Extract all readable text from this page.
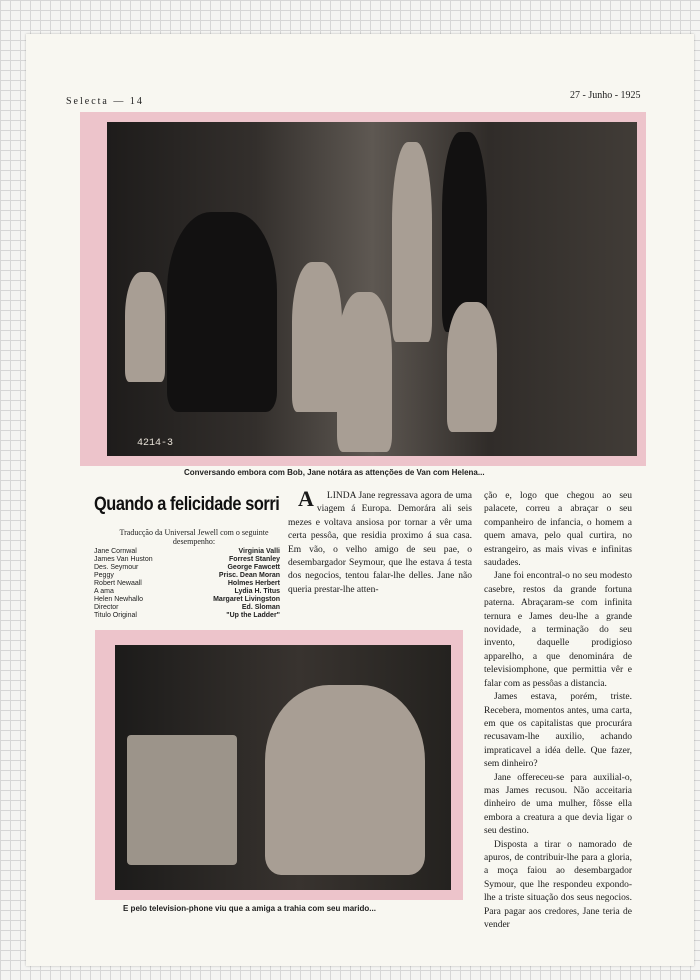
Selecta — 14
27 - Junho - 1925
4214-3
Conversando embora com Bob, Jane notára as attenções de Van com Helena...
Quando a felicidade sorri
Traducção da Universal Jewell com o seguinte desempenho:
Jane Cornwal	Virginia Valli
James Van Huston	Forrest Stanley
Des. Seymour	George Fawcett
Peggy	Prisc. Dean Moran
Robert Newaall	Holmes Herbert
A ama	Lydia H. Titus
Helen Newhallo	Margaret Livingston
Director	Ed. Sloman
Titulo Original	"Up the Ladder"

A LINDA Jane regressava agora de uma viagem á Europa. Demorára ali seis mezes e voltava ansiosa por tornar a vêr uma certa pessôa, que residia proximo á sua casa. Em vão, o velho amigo de seu pae, o desembargador Seymour, que lhe estava á testa dos negocios, tentou falar-lhe delles. Jane não queria prestar-lhe atten-

ção e, logo que chegou ao seu palacete, correu a abraçar o seu companheiro de infancia, o homem a quem amava, pelo qual curtira, no estrangeiro, as mais vivas e infinitas saudades.

Jane foi encontral-o no seu modesto casebre, restos da grande fortuna paterna. Abraçaram-se com infinita ternura e James deu-lhe a grande novidade, a terminação do seu invento, daquelle prodigioso apparelho, a que denominára de televisiomphone, que permittia vêr e falar com as pessôas a distancia.

James estava, porém, triste. Recebera, momentos antes, uma carta, em que os capitalistas que procurára recusavam-lhe auxilio, achando impraticavel a idéa delle. Que fazer, sem dinheiro?

Jane offereceu-se para auxilial-o, mas James recusou. Não acceitaria dinheiro de uma mulher, fôsse ella embora a creatura a que devia ligar o seu destino.

Disposta a tirar o namorado de apuros, de contribuir-lhe para a gloria, a moça faiou ao desembargador Symour, que lhe respondeu expondo-lhe a triste situação dos seus negocios. Para pagar aos credores, Jane teria de vender

E pelo television-phone viu que a amiga a trahia com seu marido...
